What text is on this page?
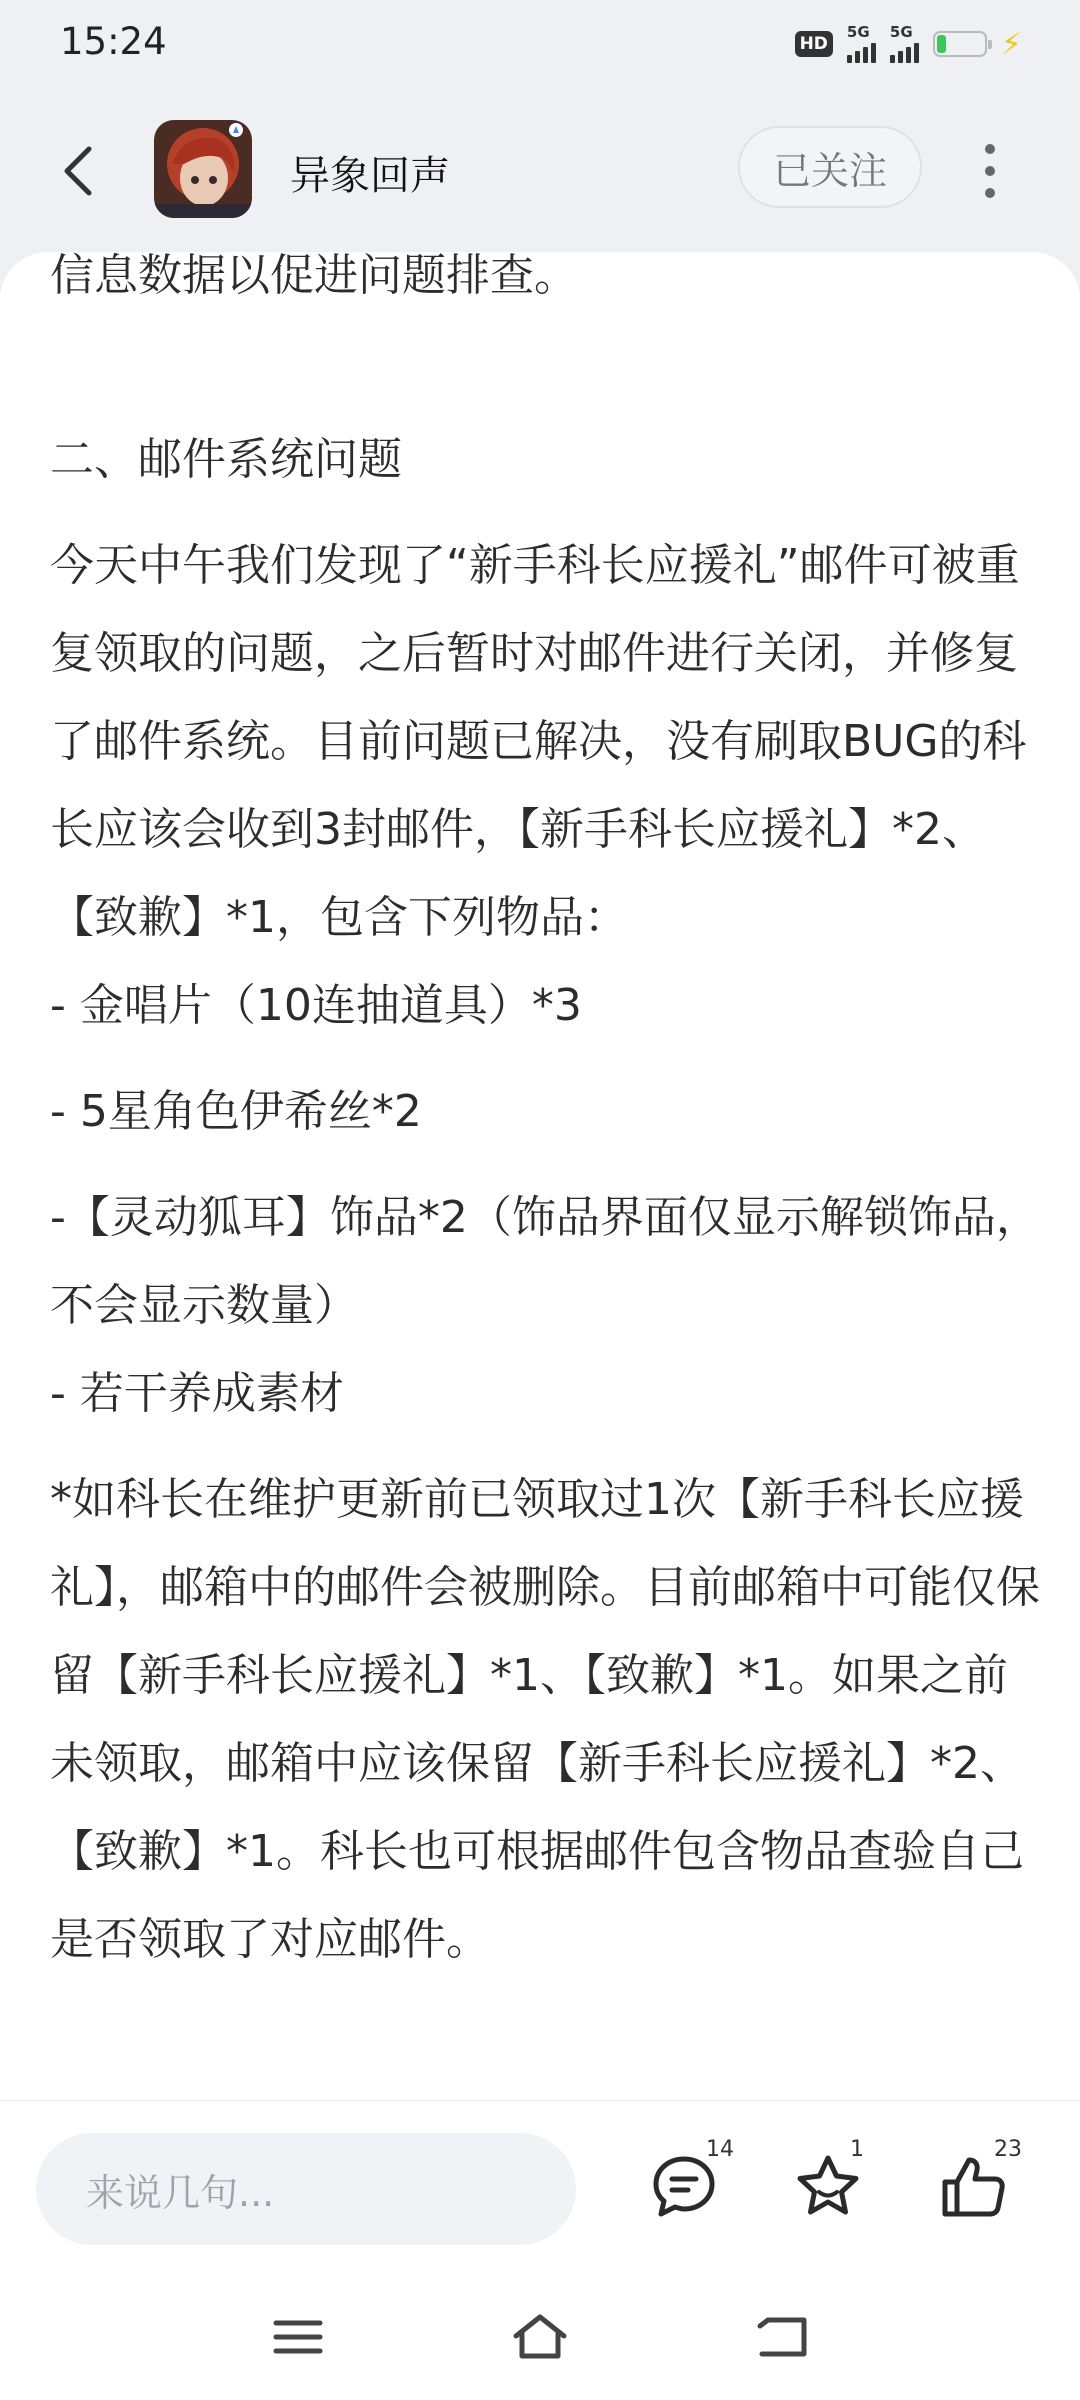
15:24	HD
5G 5G	⚡
异象回声	已关注

信息数据以促进问题排查。

二、邮件系统问题

今天中午我们发现了“新手科长应援礼”邮件可被重复领取的问题，之后暂时对邮件进行关闭，并修复了邮件系统。目前问题已解决，没有刷取BUG的科长应该会收到3封邮件，【新手科长应援礼】*2、【致歉】*1，包含下列物品：

- 金唱片（10连抽道具）*3

- 5星角色伊希丝*2

-【灵动狐耳】饰品*2（饰品界面仅显示解锁饰品，不会显示数量）

- 若干养成素材

*如科长在维护更新前已领取过1次【新手科长应援礼】，邮箱中的邮件会被删除。目前邮箱中可能仅保留【新手科长应援礼】*1、【致歉】*1。如果之前未领取，邮箱中应该保留【新手科长应援礼】*2、【致歉】*1。科长也可根据邮件包含物品查验自己是否领取了对应邮件。

来说几句...
14	1	23
